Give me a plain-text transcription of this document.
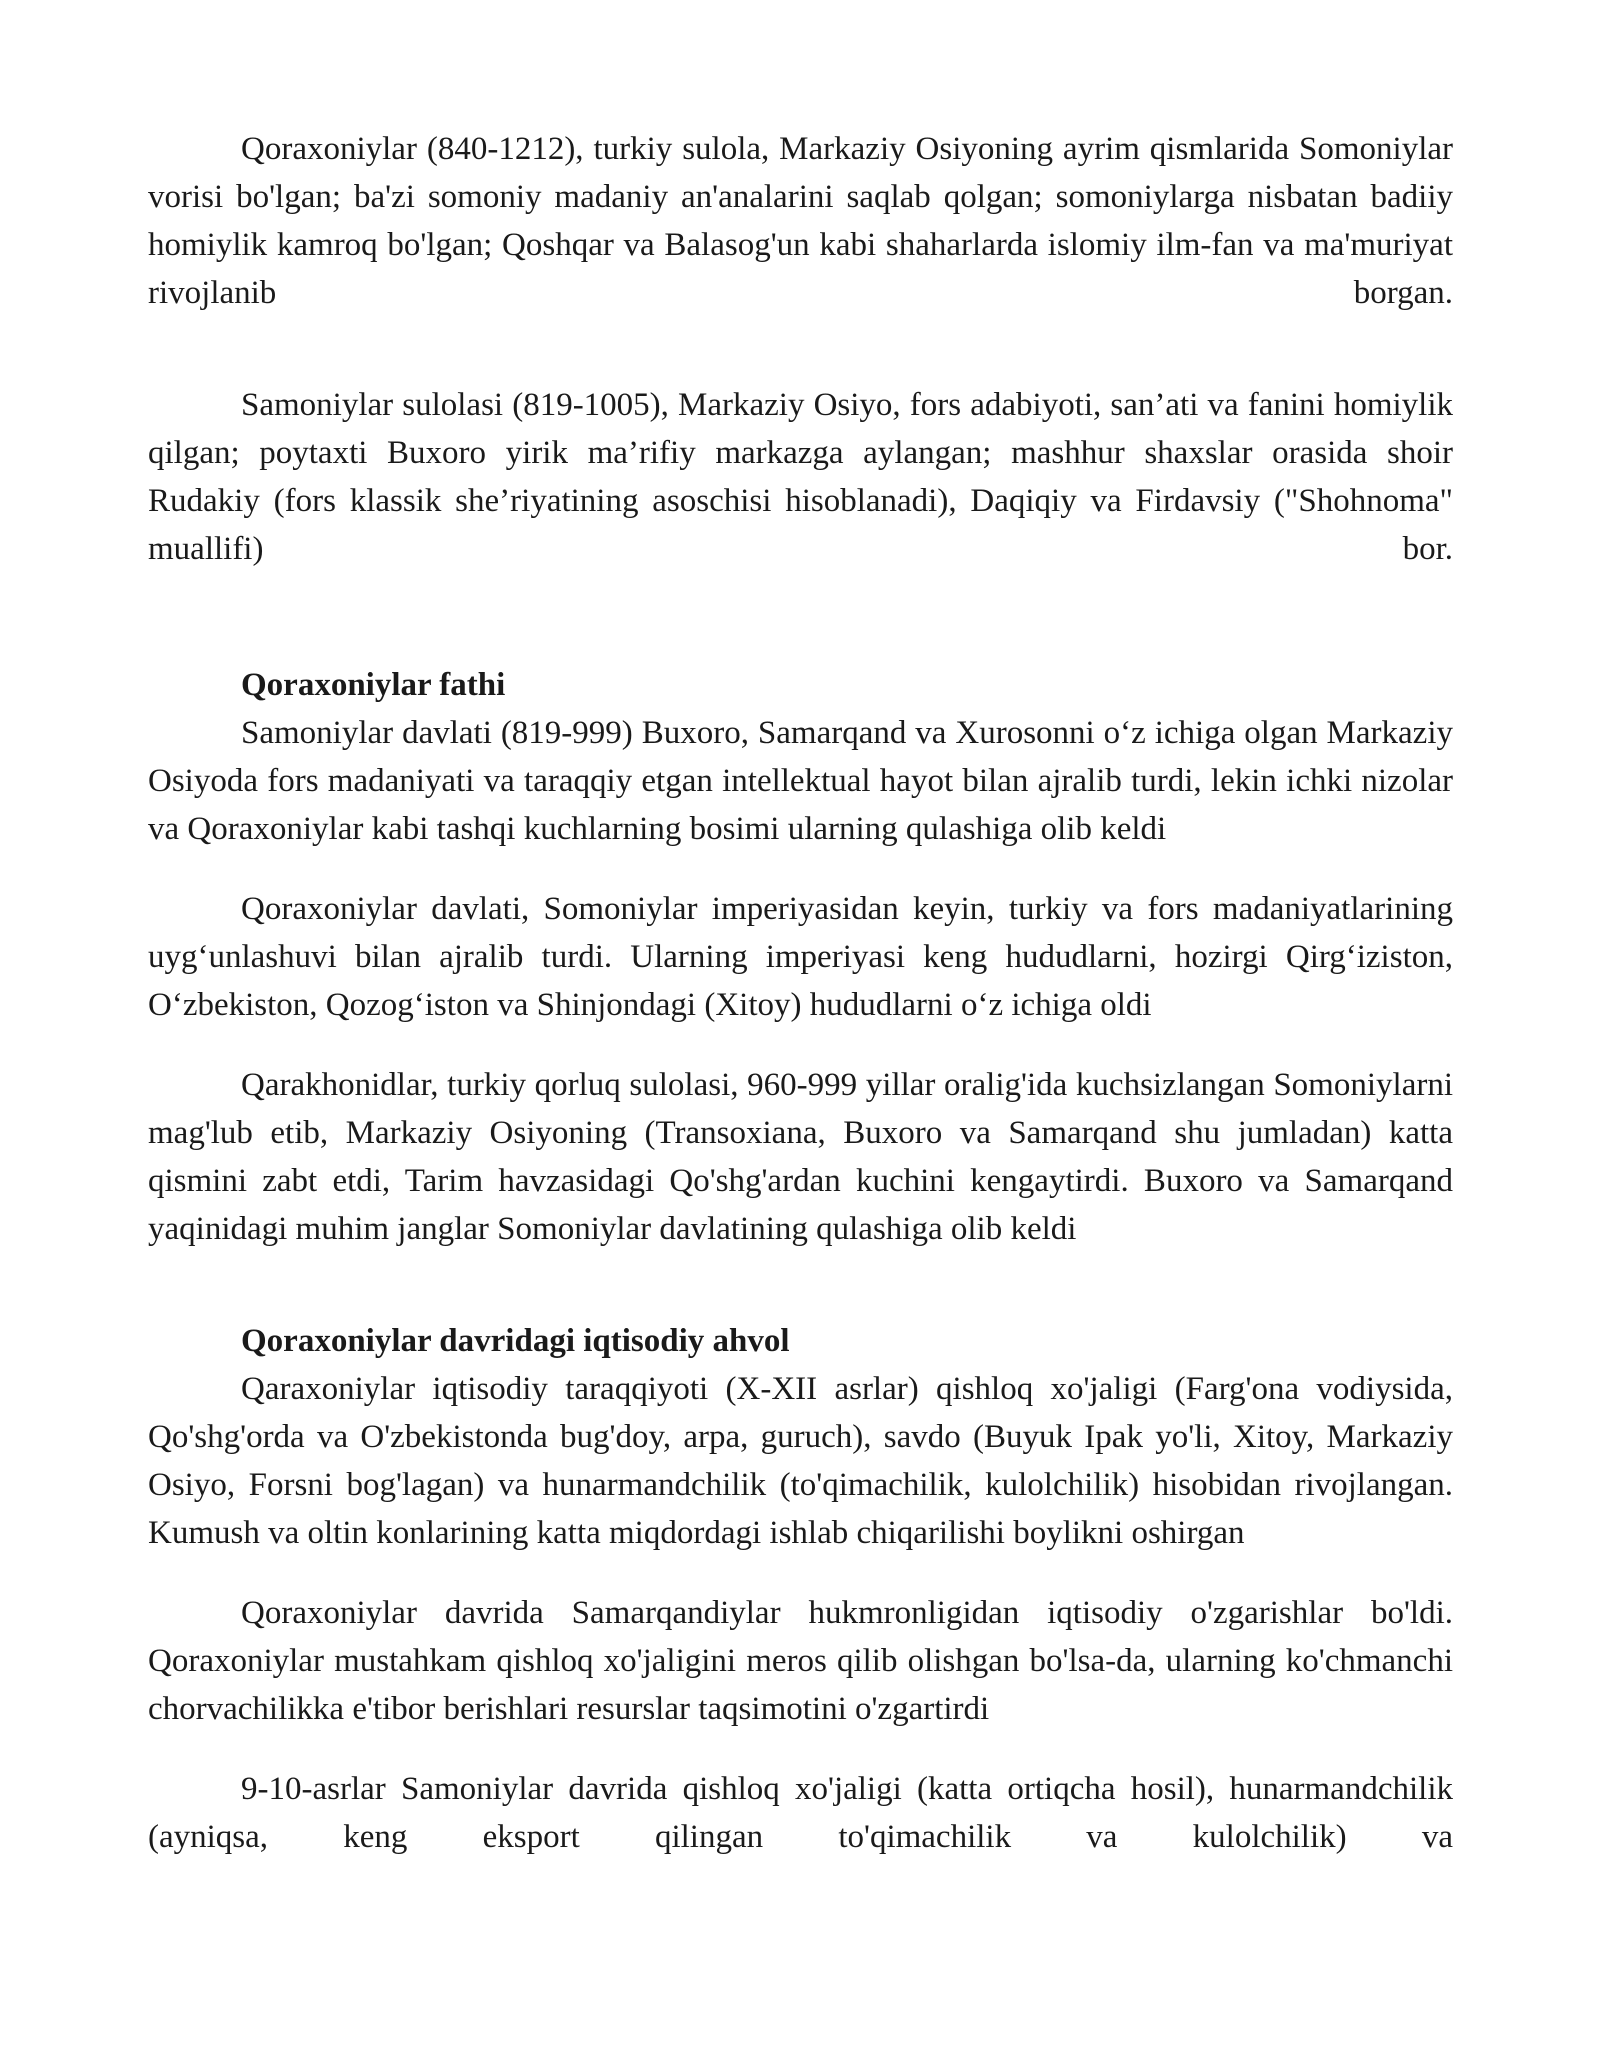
Qoraxoniylar (840-1212), turkiy sulola, Markaziy Osiyoning ayrim qismlarida Somoniylar vorisi bo'lgan; ba'zi somoniy madaniy an'analarini saqlab qolgan; somoniylarga nisbatan badiiy homiylik kamroq bo'lgan; Qoshqar va Balasog'un kabi shaharlarda islomiy ilm-fan va ma'muriyat rivojlanib borgan.

Samoniylar sulolasi (819-1005), Markaziy Osiyo, fors adabiyoti, san’ati va fanini homiylik qilgan; poytaxti Buxoro yirik ma’rifiy markazga aylangan; mashhur shaxslar orasida shoir Rudakiy (fors klassik she’riyatining asoschisi hisoblanadi), Daqiqiy va Firdavsiy ("Shohnoma" muallifi) bor.

Qoraxoniylar fathi

Samoniylar davlati (819-999) Buxoro, Samarqand va Xurosonni o‘z ichiga olgan Markaziy Osiyoda fors madaniyati va taraqqiy etgan intellektual hayot bilan ajralib turdi, lekin ichki nizolar va Qoraxoniylar kabi tashqi kuchlarning bosimi ularning qulashiga olib keldi

Qoraxoniylar davlati, Somoniylar imperiyasidan keyin, turkiy va fors madaniyatlarining uyg‘unlashuvi bilan ajralib turdi. Ularning imperiyasi keng hududlarni, hozirgi Qirg‘iziston, O‘zbekiston, Qozog‘iston va Shinjondagi (Xitoy) hududlarni o‘z ichiga oldi

Qarakhonidlar, turkiy qorluq sulolasi, 960-999 yillar oralig'ida kuchsizlangan Somoniylarni mag'lub etib, Markaziy Osiyoning (Transoxiana, Buxoro va Samarqand shu jumladan) katta qismini zabt etdi, Tarim havzasidagi Qo'shg'ardan kuchini kengaytirdi. Buxoro va Samarqand yaqinidagi muhim janglar Somoniylar davlatining qulashiga olib keldi

Qoraxoniylar davridagi iqtisodiy ahvol

Qaraxoniylar iqtisodiy taraqqiyoti (X-XII asrlar) qishloq xo'jaligi (Farg'ona vodiysida, Qo'shg'orda va O'zbekistonda bug'doy, arpa, guruch), savdo (Buyuk Ipak yo'li, Xitoy, Markaziy Osiyo, Forsni bog'lagan) va hunarmandchilik (to'qimachilik, kulolchilik) hisobidan rivojlangan. Kumush va oltin konlarining katta miqdordagi ishlab chiqarilishi boylikni oshirgan

Qoraxoniylar davrida Samarqandiylar hukmronligidan iqtisodiy o'zgarishlar bo'ldi. Qoraxoniylar mustahkam qishloq xo'jaligini meros qilib olishgan bo'lsa-da, ularning ko'chmanchi chorvachilikka e'tibor berishlari resurslar taqsimotini o'zgartirdi

9-10-asrlar Samoniylar davrida qishloq xo'jaligi (katta ortiqcha hosil), hunarmandchilik (ayniqsa, keng eksport qilingan to'qimachilik va kulolchilik) va
